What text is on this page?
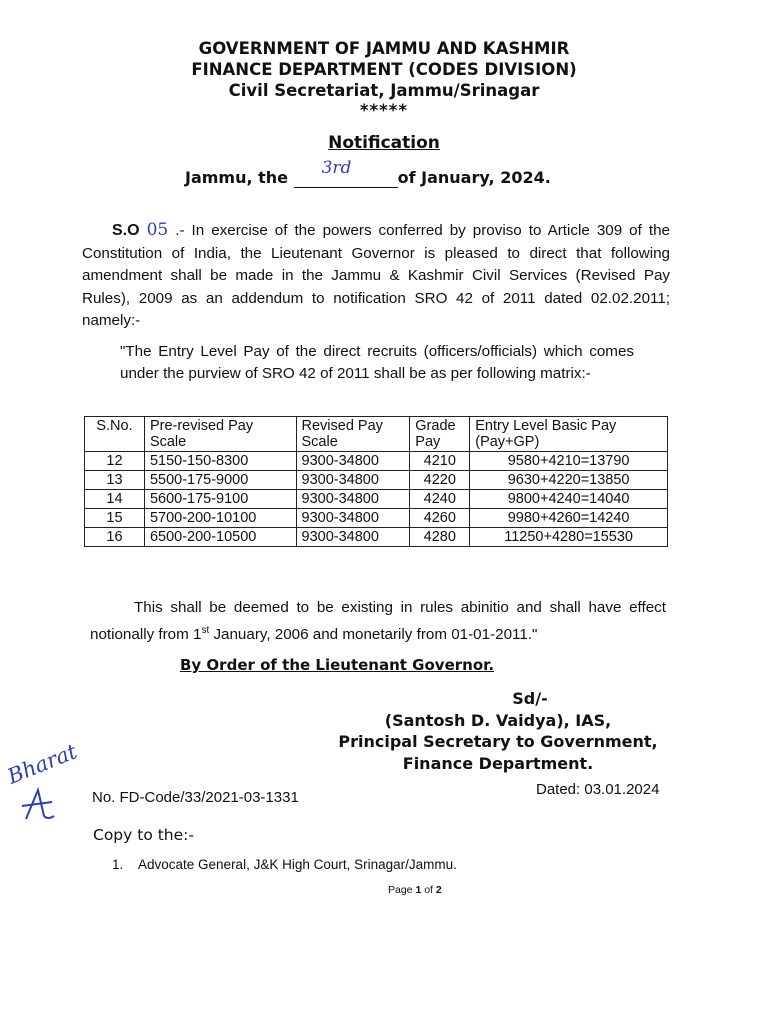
GOVERNMENT OF JAMMU AND KASHMIR
FINANCE DEPARTMENT (CODES DIVISION)
Civil Secretariat, Jammu/Srinagar
*****
Notification
Jammu, the 3rd	of January, 2024.
S.O 05 .- In exercise of the powers conferred by proviso to Article 309 of the Constitution of India, the Lieutenant Governor is pleased to direct that following amendment shall be made in the Jammu & Kashmir Civil Services (Revised Pay Rules), 2009 as an addendum to notification SRO 42 of 2011 dated 02.02.2011; namely:-
"The Entry Level Pay of the direct recruits (officers/officials) which comes under the purview of SRO 42 of 2011 shall be as per following matrix:-
S.No.	Pre-revised Pay Scale	Revised Pay Scale	Grade Pay	Entry Level Basic Pay (Pay+GP)
12	5150-150-8300	9300-34800	4210	9580+4210=13790
13	5500-175-9000	9300-34800	4220	9630+4220=13850
14	5600-175-9100	9300-34800	4240	9800+4240=14040
15	5700-200-10100	9300-34800	4260	9980+4260=14240
16	6500-200-10500	9300-34800	4280	11250+4280=15530
This shall be deemed to be existing in rules abinitio and shall have effect notionally from 1st January, 2006 and monetarily from 01-01-2011."
By Order of the Lieutenant Governor.
Sd/-
(Santosh D. Vaidya), IAS,
Principal Secretary to Government,
Finance Department.
Bharat
No. FD-Code/33/2021-03-1331	Dated: 03.01.2024
Copy to the:-
1. Advocate General, J&K High Court, Srinagar/Jammu.
Page 1 of 2
